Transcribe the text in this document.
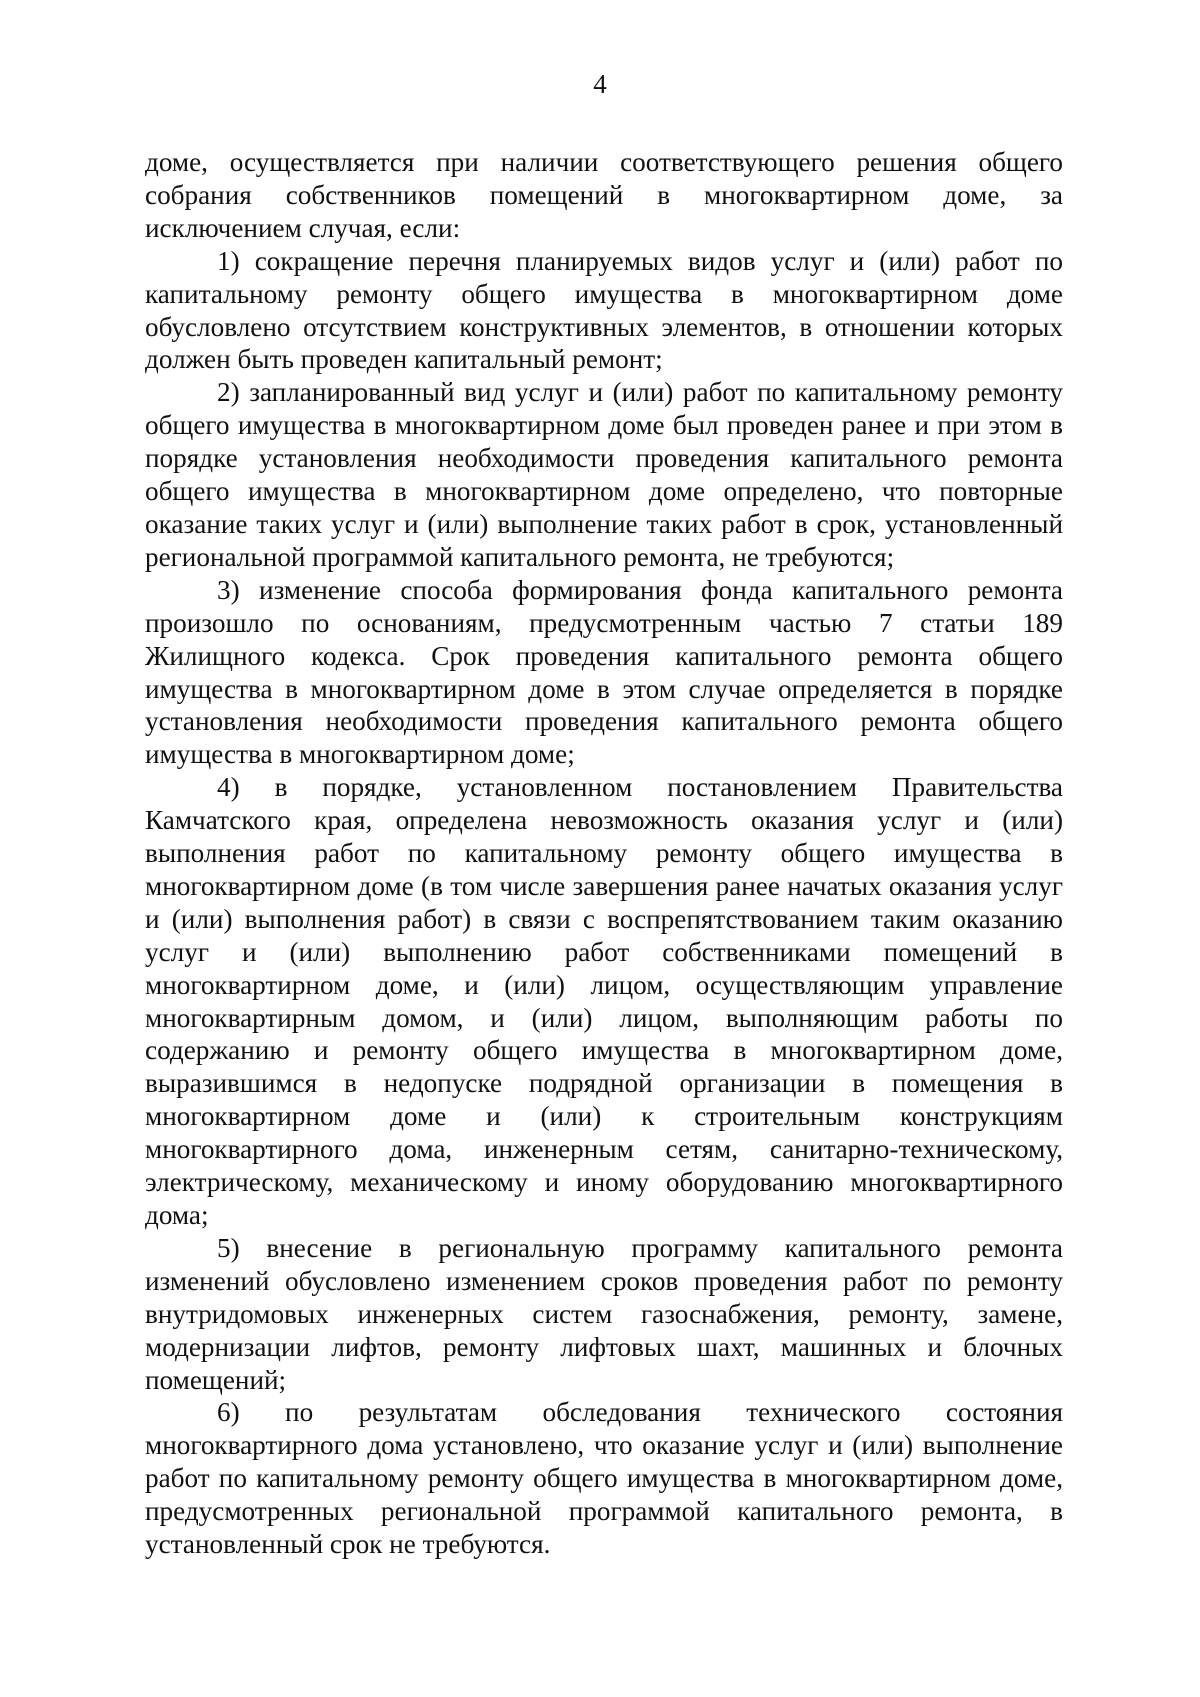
4

доме, осуществляется при наличии соответствующего решения общего собрания собственников помещений в многоквартирном доме, за исключением случая, если:

1) сокращение перечня планируемых видов услуг и (или) работ по капитальному ремонту общего имущества в многоквартирном доме обусловлено отсутствием конструктивных элементов, в отношении которых должен быть проведен капитальный ремонт;

2) запланированный вид услуг и (или) работ по капитальному ремонту общего имущества в многоквартирном доме был проведен ранее и при этом в порядке установления необходимости проведения капитального ремонта общего имущества в многоквартирном доме определено, что повторные оказание таких услуг и (или) выполнение таких работ в срок, установленный региональной программой капитального ремонта, не требуются;

3) изменение способа формирования фонда капитального ремонта произошло по основаниям, предусмотренным частью 7 статьи 189 Жилищного кодекса. Срок проведения капитального ремонта общего имущества в многоквартирном доме в этом случае определяется в порядке установления необходимости проведения капитального ремонта общего имущества в многоквартирном доме;

4) в порядке, установленном постановлением Правительства Камчатского края, определена невозможность оказания услуг и (или) выполнения работ по капитальному ремонту общего имущества в многоквартирном доме (в том числе завершения ранее начатых оказания услуг и (или) выполнения работ) в связи с воспрепятствованием таким оказанию услуг и (или) выполнению работ собственниками помещений в многоквартирном доме, и (или) лицом, осуществляющим управление многоквартирным домом, и (или) лицом, выполняющим работы по содержанию и ремонту общего имущества в многоквартирном доме, выразившимся в недопуске подрядной организации в помещения в многоквартирном доме и (или) к строительным конструкциям многоквартирного дома, инженерным сетям, санитарно-техническому, электрическому, механическому и иному оборудованию многоквартирного дома;

5) внесение в региональную программу капитального ремонта изменений обусловлено изменением сроков проведения работ по ремонту внутридомовых инженерных систем газоснабжения, ремонту, замене, модернизации лифтов, ремонту лифтовых шахт, машинных и блочных помещений;

6) по результатам обследования технического состояния многоквартирного дома установлено, что оказание услуг и (или) выполнение работ по капитальному ремонту общего имущества в многоквартирном доме, предусмотренных региональной программой капитального ремонта, в установленный срок не требуются.
